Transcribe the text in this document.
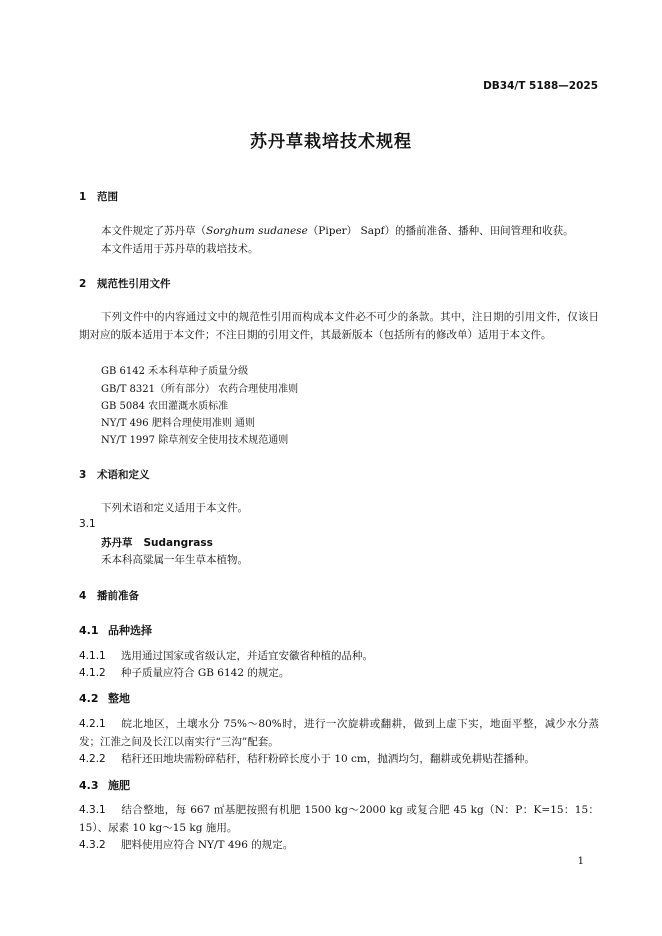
DB34/T 5188—2025
苏丹草栽培技术规程
1 范围
本文件规定了苏丹草（Sorghum sudanese（Piper） Sapf）的播前准备、播种、田间管理和收获。
本文件适用于苏丹草的栽培技术。
2 规范性引用文件
下列文件中的内容通过文中的规范性引用而构成本文件必不可少的条款。其中，注日期的引用文件，仅该日期对应的版本适用于本文件；不注日期的引用文件，其最新版本（包括所有的修改单）适用于本文件。
GB 6142 禾本科草种子质量分级
GB/T 8321（所有部分） 农药合理使用准则
GB 5084 农田灌溉水质标准
NY/T 496 肥料合理使用准则 通则
NY/T 1997 除草剂安全使用技术规范通则
3 术语和定义
下列术语和定义适用于本文件。
3.1
苏丹草 Sudangrass
禾本科高粱属一年生草本植物。
4 播前准备
4.1 品种选择
4.1.1 选用通过国家或省级认定，并适宜安徽省种植的品种。
4.1.2 种子质量应符合 GB 6142 的规定。
4.2 整地
4.2.1 皖北地区，土壤水分 75%～80%时，进行一次旋耕或翻耕，做到上虚下实，地面平整，减少水分蒸发；江淮之间及长江以南实行“三沟”配套。
4.2.2 秸秆还田地块需粉碎秸秆，秸秆粉碎长度小于 10 cm，抛洒均匀，翻耕或免耕贴茬播种。
4.3 施肥
4.3.1 结合整地，每 667 ㎡基肥按照有机肥 1500 kg～2000 kg 或复合肥 45 kg（N：P：K=15：15：15）、尿素 10 kg～15 kg 施用。
4.3.2 肥料使用应符合 NY/T 496 的规定。
1
